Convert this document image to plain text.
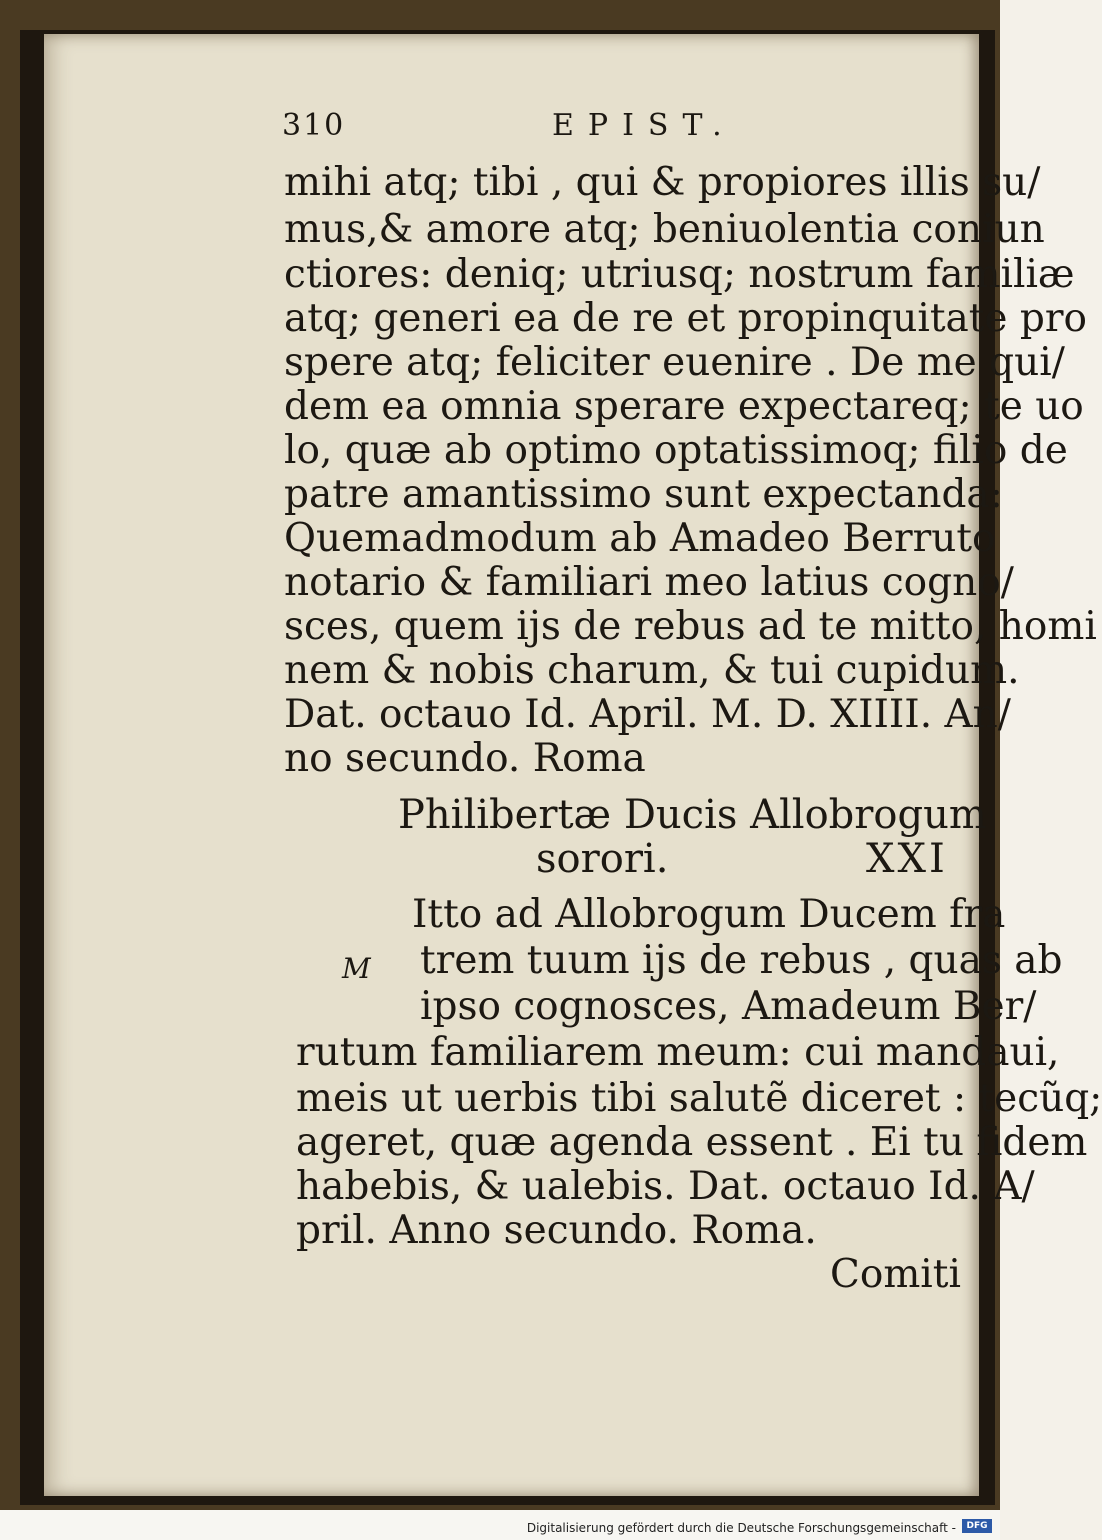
310	EPIST.
mihi atq; tibi , qui & propiores illis su/
mus,& amore atq; beniuolentia coniun
ctiores: deniq; utriusq; nostrum familiæ
atq; generi ea de re et propinquitate pro
spere atq; feliciter euenire . De me qui/
dem ea omnia sperare expectareq; te uo
lo, quæ ab optimo optatissimoq; filio de
patre amantissimo sunt expectanda:
Quemadmodum ab Amadeo Berruto
notario & familiari meo latius cogno/
sces, quem ijs de rebus ad te mitto, homi
nem & nobis charum, & tui cupidum.
Dat. octauo Id. April. M. D. XIIII. An/
no secundo. Roma
Philibertæ Ducis Allobrogum
sorori.	XXI
M
Itto ad Allobrogum Ducem fra
trem tuum ijs de rebus , quas ab
ipso cognosces, Amadeum Ber/
rutum familiarem meum: cui mandaui,
meis ut uerbis tibi salutẽ diceret : tecũq;
ageret, quæ agenda essent . Ei tu fidem
habebis, & ualebis. Dat. octauo Id. A/
pril. Anno secundo. Roma.
Comiti
Digitalisierung gefördert durch die Deutsche Forschungsgemeinschaft -	DFG
